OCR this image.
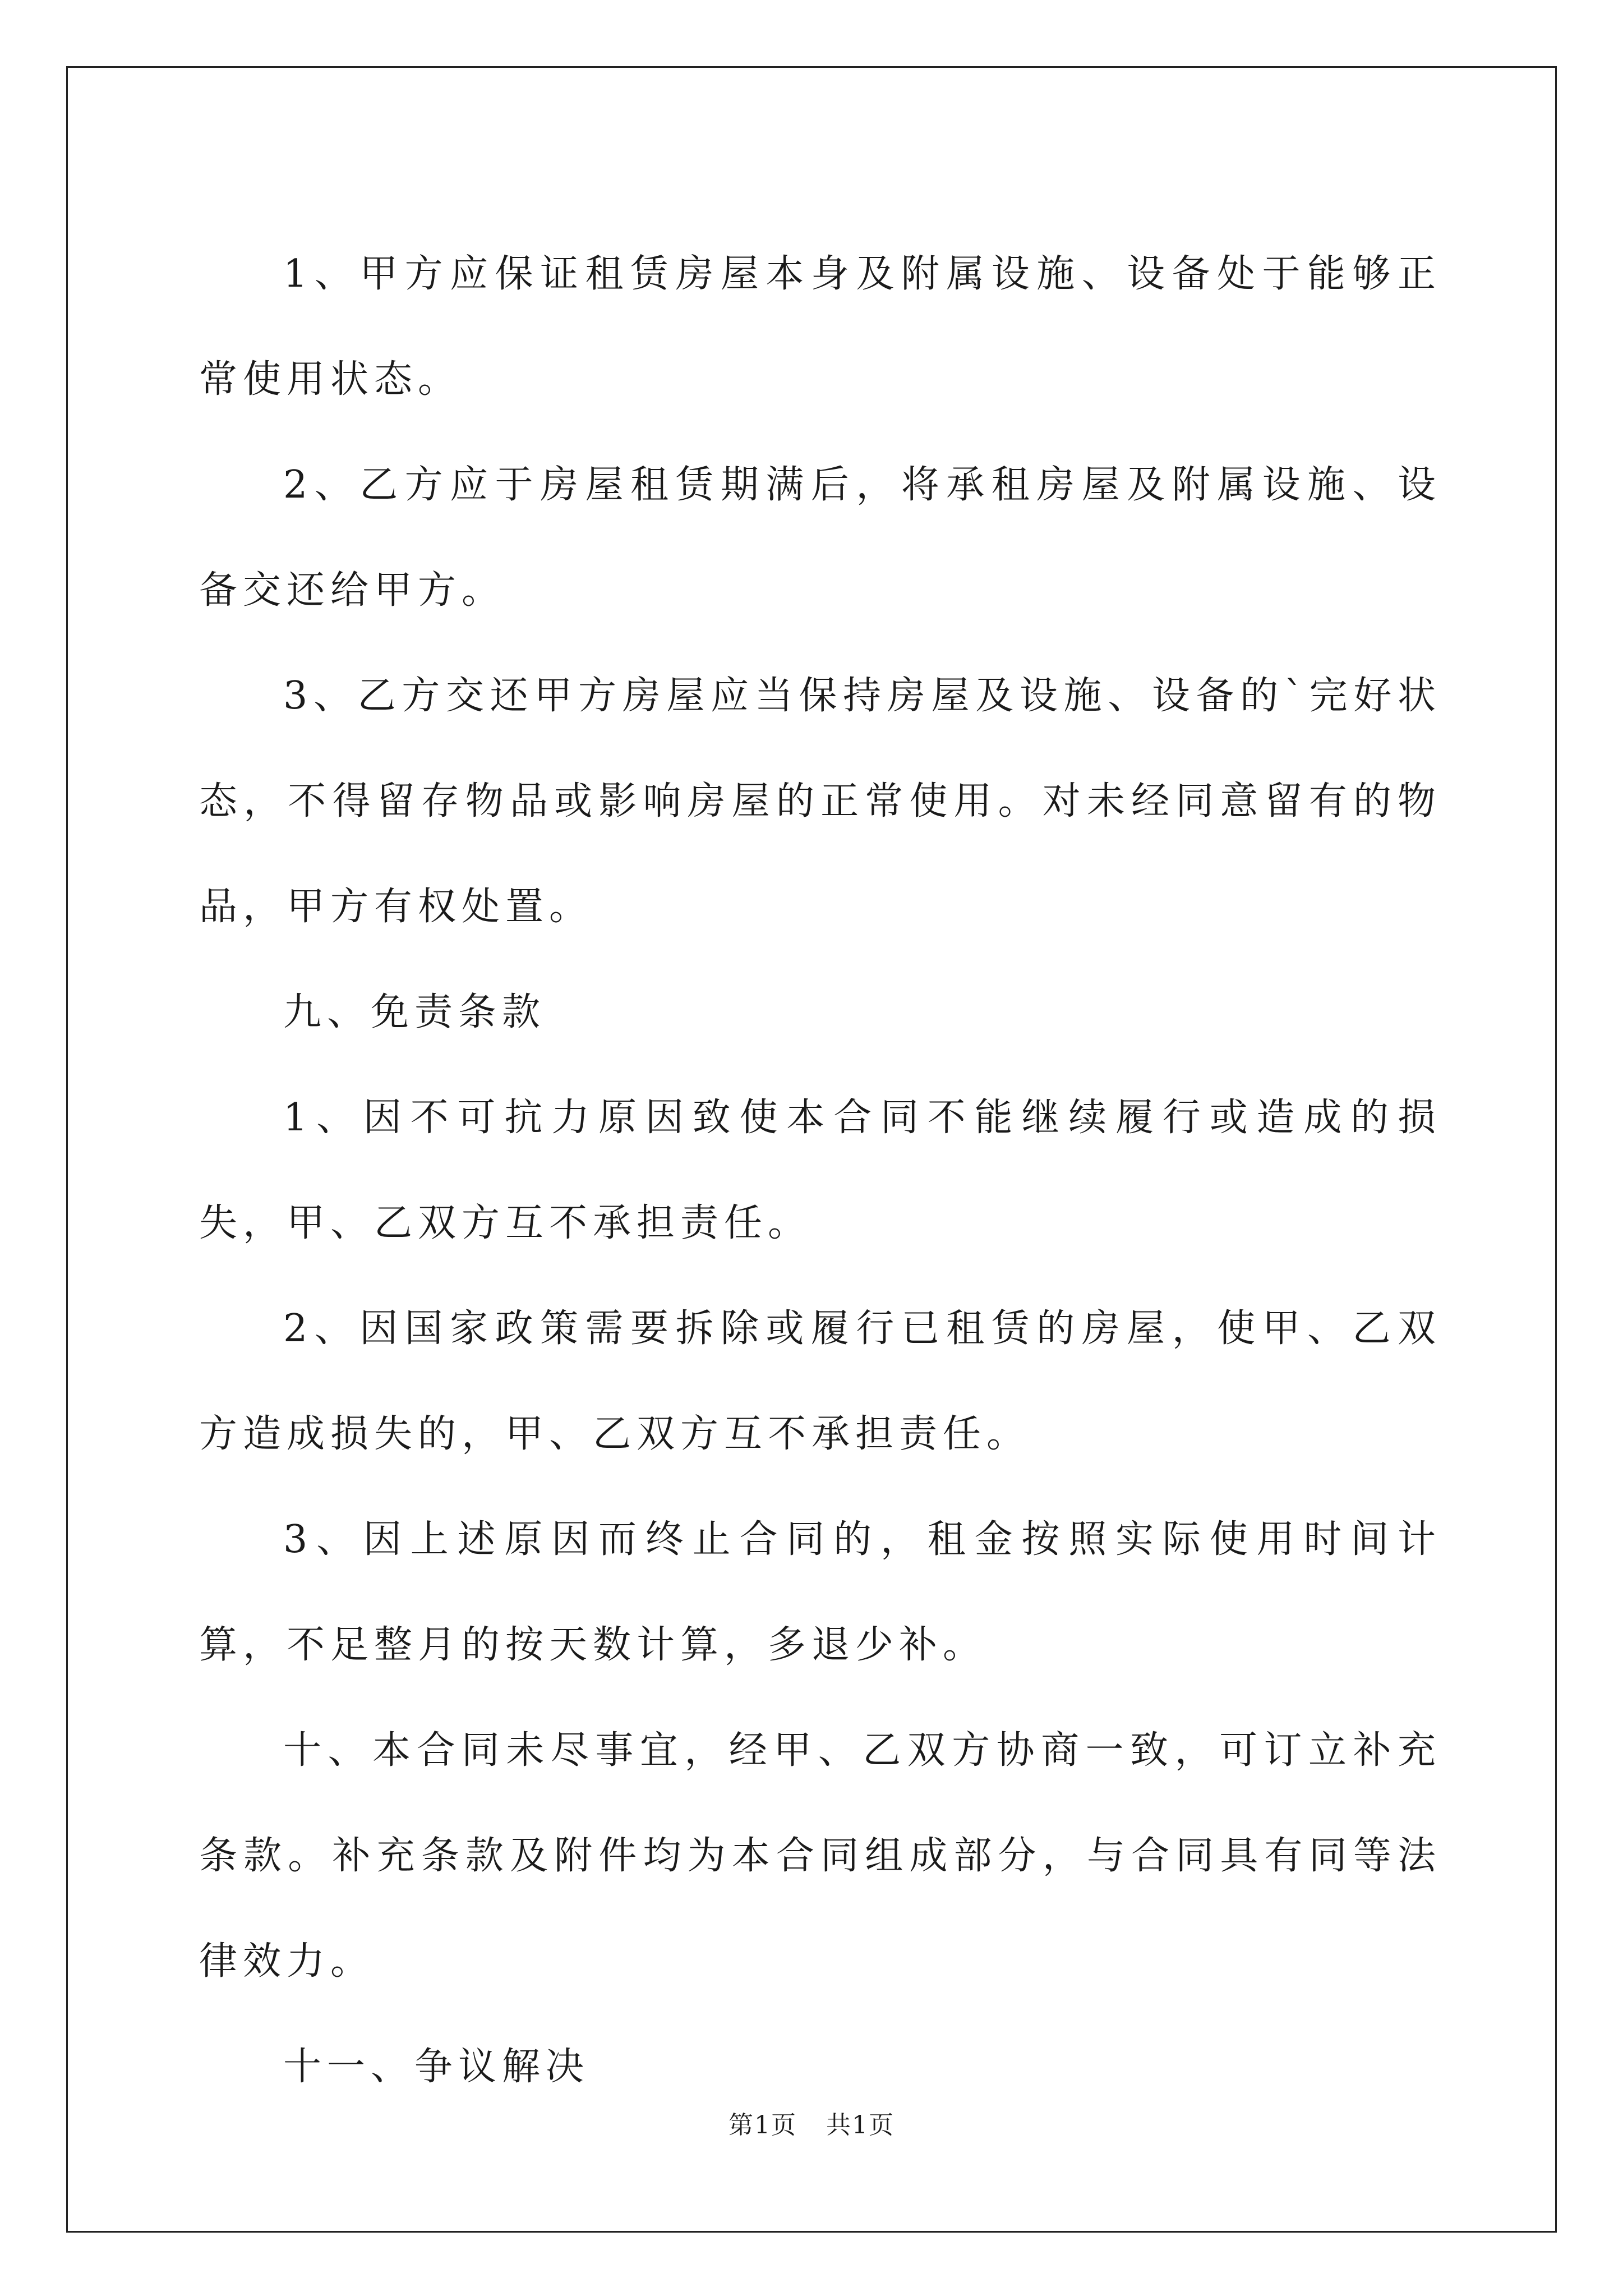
1、甲方应保证租赁房屋本身及附属设施、设备处于能够正常使用状态。

2、乙方应于房屋租赁期满后，将承租房屋及附属设施、设备交还给甲方。

3、乙方交还甲方房屋应当保持房屋及设施、设备的`完好状态，不得留存物品或影响房屋的正常使用。对未经同意留有的物品，甲方有权处置。

九、免责条款

1、因不可抗力原因致使本合同不能继续履行或造成的损失，甲、乙双方互不承担责任。

2、因国家政策需要拆除或履行已租赁的房屋，使甲、乙双方造成损失的，甲、乙双方互不承担责任。

3、因上述原因而终止合同的，租金按照实际使用时间计算，不足整月的按天数计算，多退少补。

十、本合同未尽事宜，经甲、乙双方协商一致，可订立补充条款。补充条款及附件均为本合同组成部分，与合同具有同等法律效力。

十一、争议解决

第1页 共1页
